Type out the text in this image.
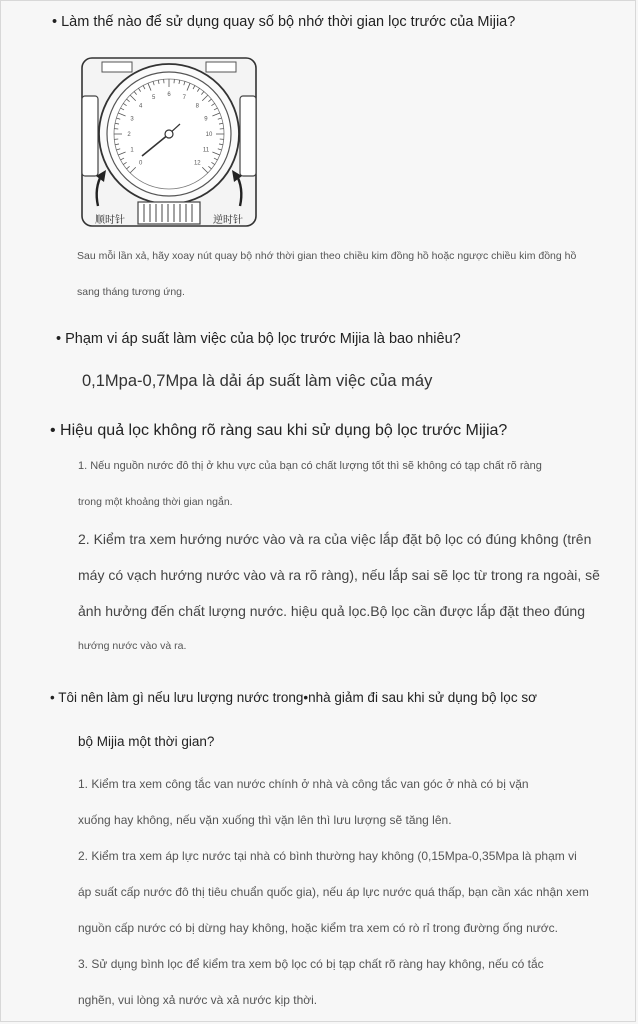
• Làm thế nào để sử dụng quay số bộ nhớ thời gian lọc trước của Mijia?
0
1
2
3
4
5
6
7
8
9
10
11
12
顺时针	逆时针
Sau mỗi lần xả, hãy xoay nút quay bộ nhớ thời gian theo chiều kim đồng hồ hoặc ngược chiều kim đồng hồ
sang tháng tương ứng.
• Phạm vi áp suất làm việc của bộ lọc trước Mijia là bao nhiêu?
0,1Mpa-0,7Mpa là dải áp suất làm việc của máy
• Hiệu quả lọc không rõ ràng sau khi sử dụng bộ lọc trước Mijia?
1. Nếu nguồn nước đô thị ở khu vực của bạn có chất lượng tốt thì sẽ không có tạp chất rõ ràng
trong một khoảng thời gian ngắn.
2. Kiểm tra xem hướng nước vào và ra của việc lắp đặt bộ lọc có đúng không (trên
máy có vạch hướng nước vào và ra rõ ràng), nếu lắp sai sẽ lọc từ trong ra ngoài, sẽ
ảnh hưởng đến chất lượng nước. hiệu quả lọc.Bộ lọc cần được lắp đặt theo đúng
hướng nước vào và ra.
• Tôi nên làm gì nếu lưu lượng nước trong•nhà giảm đi sau khi sử dụng bộ lọc sơ
bộ Mijia một thời gian?
1. Kiểm tra xem công tắc van nước chính ở nhà và công tắc van góc ở nhà có bị vặn
xuống hay không, nếu vặn xuống thì vặn lên thì lưu lượng sẽ tăng lên.
2. Kiểm tra xem áp lực nước tại nhà có bình thường hay không (0,15Mpa-0,35Mpa là phạm vi
áp suất cấp nước đô thị tiêu chuẩn quốc gia), nếu áp lực nước quá thấp, bạn cần xác nhận xem
nguồn cấp nước có bị dừng hay không, hoặc kiểm tra xem có rò rỉ trong đường ống nước.
3. Sử dụng bình lọc để kiểm tra xem bộ lọc có bị tạp chất rõ ràng hay không, nếu có tắc
nghẽn, vui lòng xả nước và xả nước kịp thời.
